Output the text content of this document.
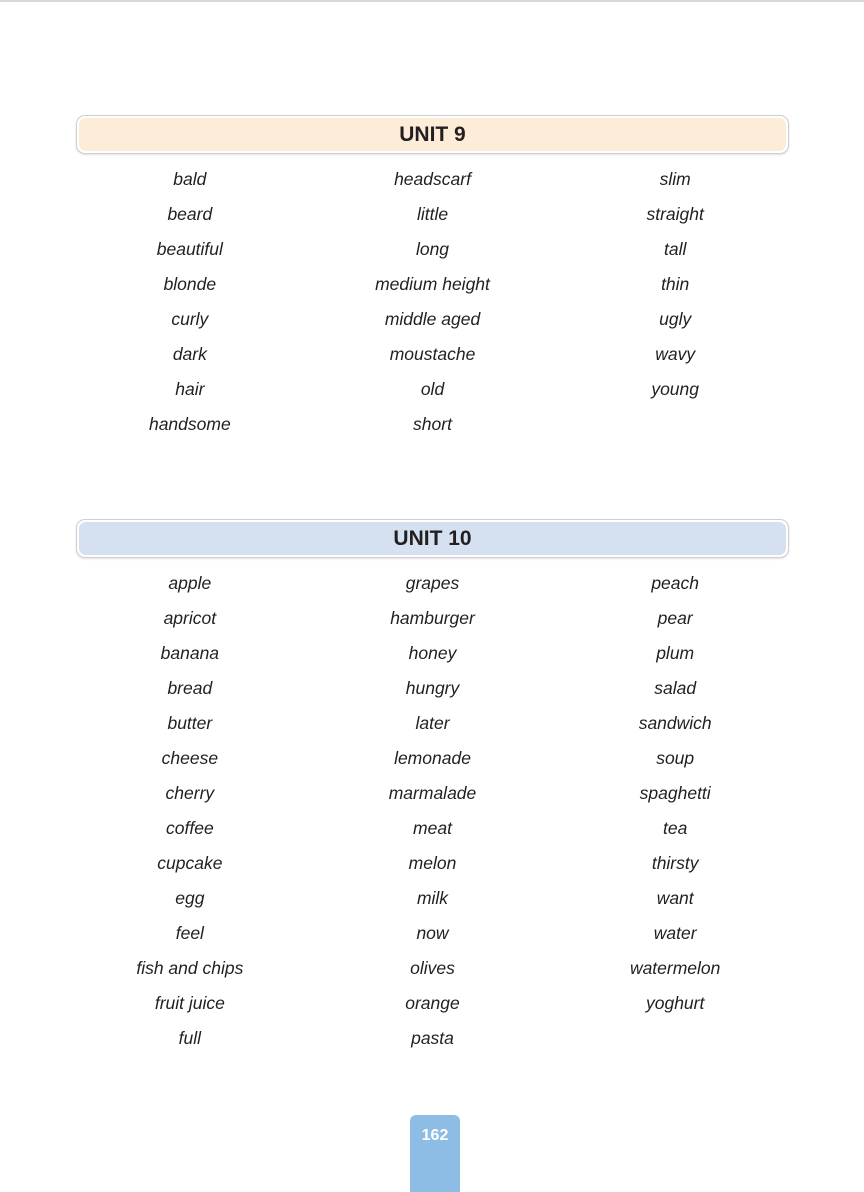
UNIT 9
bald
beard
beautiful
blonde
curly
dark
hair
handsome
headscarf
little
long
medium height
middle aged
moustache
old
short
slim
straight
tall
thin
ugly
wavy
young
UNIT 10
apple
apricot
banana
bread
butter
cheese
cherry
coffee
cupcake
egg
feel
fish and chips
fruit juice
full
grapes
hamburger
honey
hungry
later
lemonade
marmalade
meat
melon
milk
now
olives
orange
pasta
peach
pear
plum
salad
sandwich
soup
spaghetti
tea
thirsty
want
water
watermelon
yoghurt
162
